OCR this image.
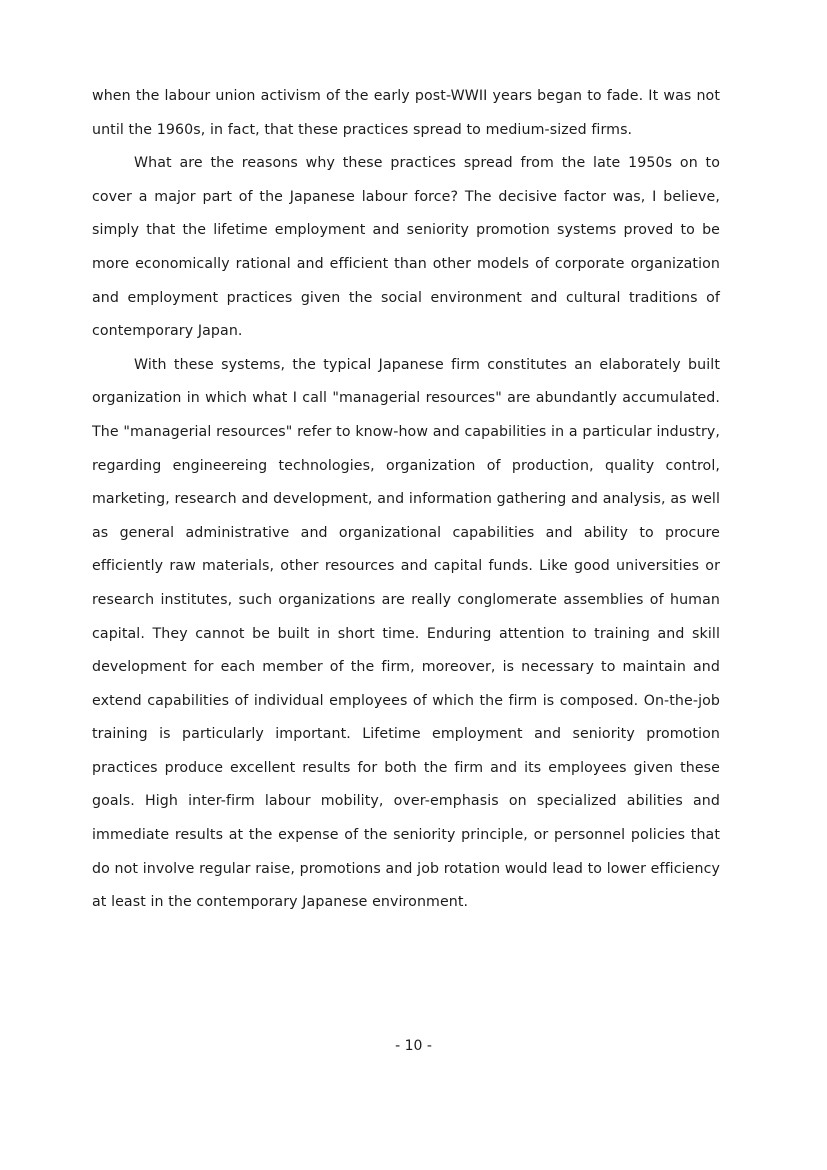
when the labour union activism of the early post-WWII years began to fade. It was not until the 1960s, in fact, that these practices spread to medium-sized firms.

What are the reasons why these practices spread from the late 1950s on to cover a major part of the Japanese labour force? The decisive factor was, I believe, simply that the lifetime employment and seniority promotion systems proved to be more economically rational and efficient than other models of corporate organization and employment practices given the social environment and cultural traditions of contemporary Japan.

With these systems, the typical Japanese firm constitutes an elaborately built organization in which what I call "managerial resources" are abundantly accumulated. The "managerial resources" refer to know-how and capabilities in a particular industry, regarding engineereing technologies, organization of production, quality control, marketing, research and development, and information gathering and analysis, as well as general administrative and organizational capabilities and ability to procure efficiently raw materials, other resources and capital funds. Like good universities or research institutes, such organizations are really conglomerate assemblies of human capital. They cannot be built in short time. Enduring attention to training and skill development for each member of the firm, moreover, is necessary to maintain and extend capabilities of individual employees of which the firm is composed. On-the-job training is particularly important. Lifetime employment and seniority promotion practices produce excellent results for both the firm and its employees given these goals. High inter-firm labour mobility, over-emphasis on specialized abilities and immediate results at the expense of the seniority principle, or personnel policies that do not involve regular raise, promotions and job rotation would lead to lower efficiency at least in the contemporary Japanese environment.

- 10 -
